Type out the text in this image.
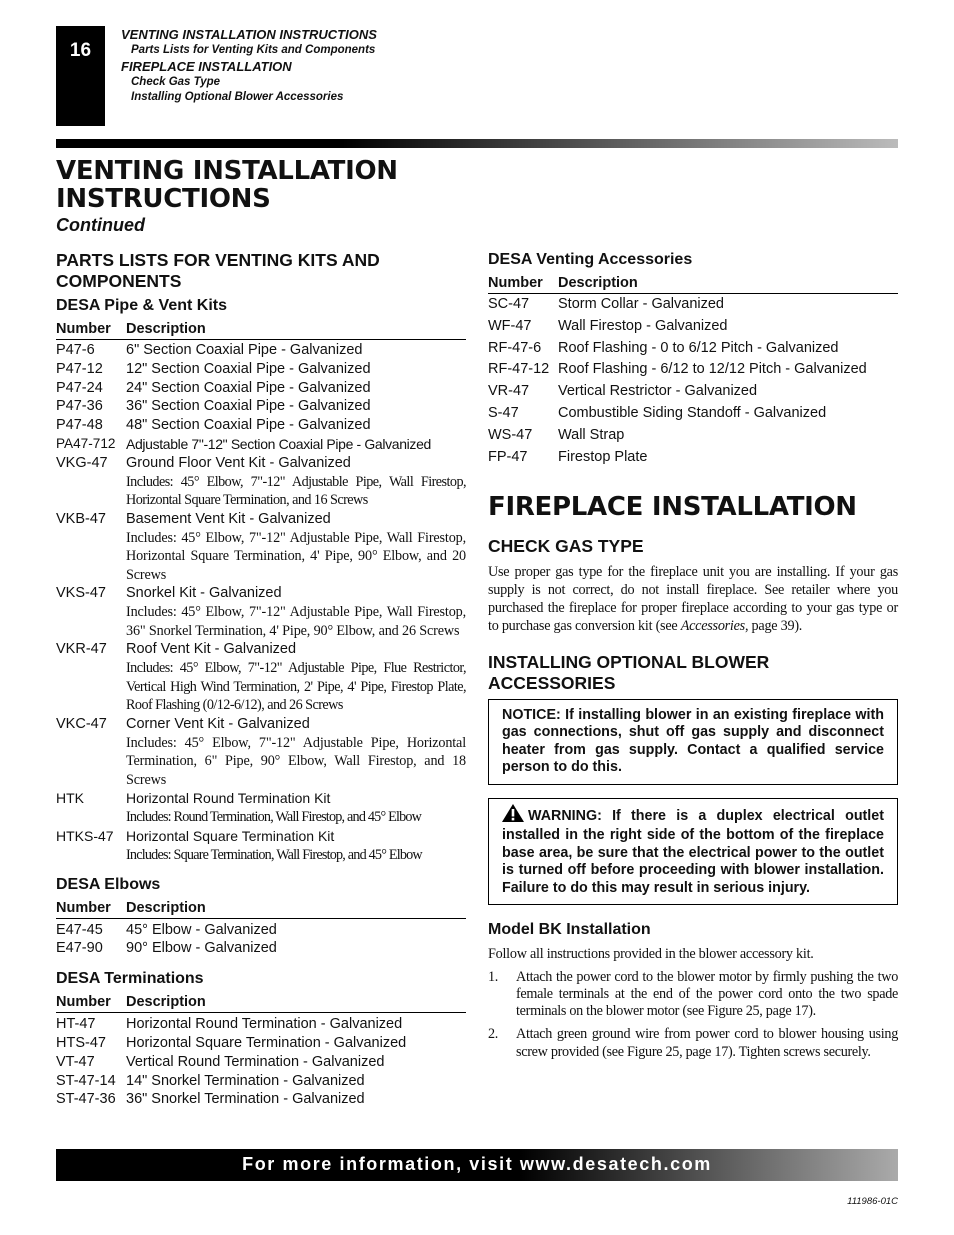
16
VENTING INSTALLATION INSTRUCTIONS
Parts Lists for Venting Kits and Components
FIREPLACE INSTALLATION
Check Gas Type
Installing Optional Blower Accessories
VENTING INSTALLATION
INSTRUCTIONS
Continued
PARTS LISTS FOR VENTING KITS AND
COMPONENTS
DESA Pipe & Vent Kits
Number	Description
P47-6	6" Section Coaxial Pipe - Galvanized
P47-12	12" Section Coaxial Pipe - Galvanized
P47-24	24" Section Coaxial Pipe - Galvanized
P47-36	36" Section Coaxial Pipe - Galvanized
P47-48	48" Section Coaxial Pipe - Galvanized
PA47-712 Adjustable 7"-12" Section Coaxial Pipe - Galvanized
VKG-47	Ground Floor Vent Kit - Galvanized
Includes: 45° Elbow, 7"-12" Adjustable Pipe, Wall Firestop, Horizontal Square Termination, and 16 Screws
VKB-47	Basement Vent Kit - Galvanized
Includes: 45° Elbow, 7"-12" Adjustable Pipe, Wall Firestop, Horizontal Square Termination, 4' Pipe, 90° Elbow, and 20 Screws
VKS-47	Snorkel Kit - Galvanized
Includes: 45° Elbow, 7"-12" Adjustable Pipe, Wall Firestop, 36" Snorkel Termination, 4' Pipe, 90° Elbow, and 26 Screws
VKR-47	Roof Vent Kit - Galvanized
Includes: 45° Elbow, 7"-12" Adjustable Pipe, Flue Restrictor, Vertical High Wind Termination, 2' Pipe, 4' Pipe, Firestop Plate, Roof Flashing (0/12-6/12), and 26 Screws
VKC-47	Corner Vent Kit - Galvanized
Includes: 45° Elbow, 7"-12" Adjustable Pipe, Horizontal Termination, 6" Pipe, 90° Elbow, Wall Firestop, and 18 Screws
HTK	Horizontal Round Termination Kit
Includes: Round Termination, Wall Firestop, and 45° Elbow
HTKS-47 Horizontal Square Termination Kit
Includes: Square Termination, Wall Firestop, and 45° Elbow
DESA Elbows
Number	Description
E47-45	45° Elbow - Galvanized
E47-90	90° Elbow - Galvanized
DESA Terminations
Number	Description
HT-47	Horizontal Round Termination - Galvanized
HTS-47	Horizontal Square Termination - Galvanized
VT-47	Vertical Round Termination - Galvanized
ST-47-14 14" Snorkel Termination - Galvanized
ST-47-36 36" Snorkel Termination - Galvanized
DESA Venting Accessories
Number	Description
SC-47	Storm Collar - Galvanized
WF-47	Wall Firestop - Galvanized
RF-47-6	Roof Flashing - 0 to 6/12 Pitch - Galvanized
RF-47-12 Roof Flashing - 6/12 to 12/12 Pitch - Galvanized
VR-47	Vertical Restrictor - Galvanized
S-47	Combustible Siding Standoff - Galvanized
WS-47	Wall Strap
FP-47	Firestop Plate
FIREPLACE INSTALLATION
CHECK GAS TYPE
Use proper gas type for the fireplace unit you are installing. If your gas supply is not correct, do not install fireplace. See retailer where you purchased the fireplace for proper fireplace according to your gas type or to purchase gas conversion kit (see Accessories, page 39).
INSTALLING OPTIONAL BLOWER
ACCESSORIES
NOTICE: If installing blower in an existing fireplace with gas connections, shut off gas supply and disconnect heater from gas supply. Contact a qualified service person to do this.
WARNING: If there is a duplex electrical outlet installed in the right side of the bottom of the fireplace base area, be sure that the electrical power to the outlet is turned off before proceeding with blower installation. Failure to do this may result in serious injury.
Model BK Installation
Follow all instructions provided in the blower accessory kit.
1.	Attach the power cord to the blower motor by firmly pushing the two female terminals at the end of the power cord onto the two spade terminals on the blower motor (see Figure 25, page 17).
2.	Attach green ground wire from power cord to blower housing using screw provided (see Figure 25, page 17). Tighten screws securely.
For more information, visit www.desatech.com
111986-01C
